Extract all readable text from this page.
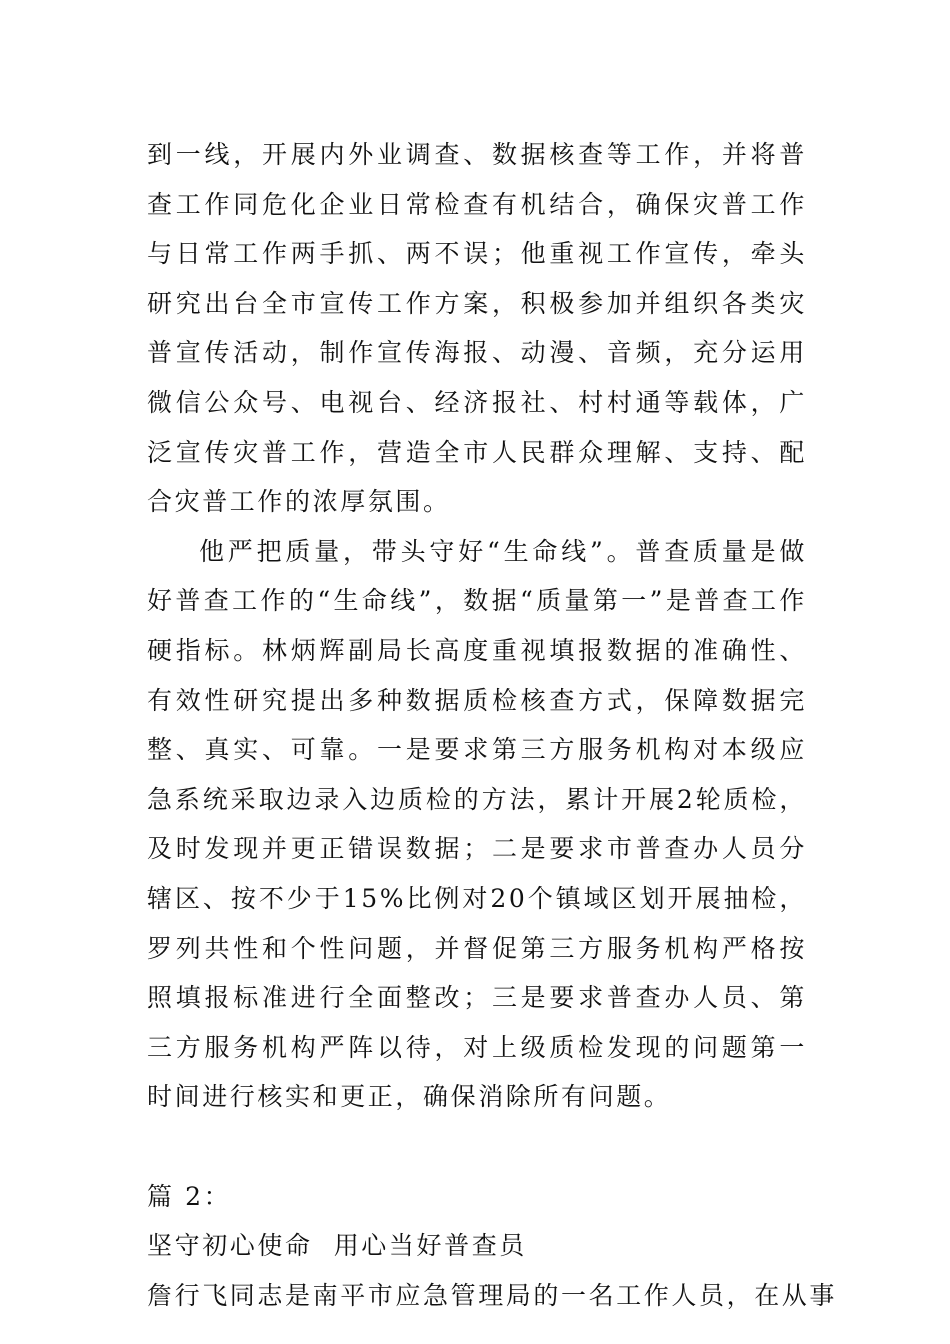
到一线，开展内外业调查、数据核查等工作，并将普查工作同危化企业日常检查有机结合，确保灾普工作与日常工作两手抓、两不误；他重视工作宣传，牵头研究出台全市宣传工作方案，积极参加并组织各类灾普宣传活动，制作宣传海报、动漫、音频，充分运用微信公众号、电视台、经济报社、村村通等载体，广泛宣传灾普工作，营造全市人民群众理解、支持、配合灾普工作的浓厚氛围。

他严把质量，带头守好“生命线”。普查质量是做好普查工作的“生命线”，数据“质量第一”是普查工作硬指标。林炳辉副局长高度重视填报数据的准确性、有效性研究提出多种数据质检核查方式，保障数据完整、真实、可靠。一是要求第三方服务机构对本级应急系统采取边录入边质检的方法，累计开展2轮质检，及时发现并更正错误数据；二是要求市普查办人员分辖区、按不少于15%比例对20个镇域区划开展抽检，罗列共性和个性问题，并督促第三方服务机构严格按照填报标准进行全面整改；三是要求普查办人员、第三方服务机构严阵以待，对上级质检发现的问题第一时间进行核实和更正，确保消除所有问题。

篇 2：

坚守初心使命  用心当好普查员

詹行飞同志是南平市应急管理局的一名工作人员，在从事
